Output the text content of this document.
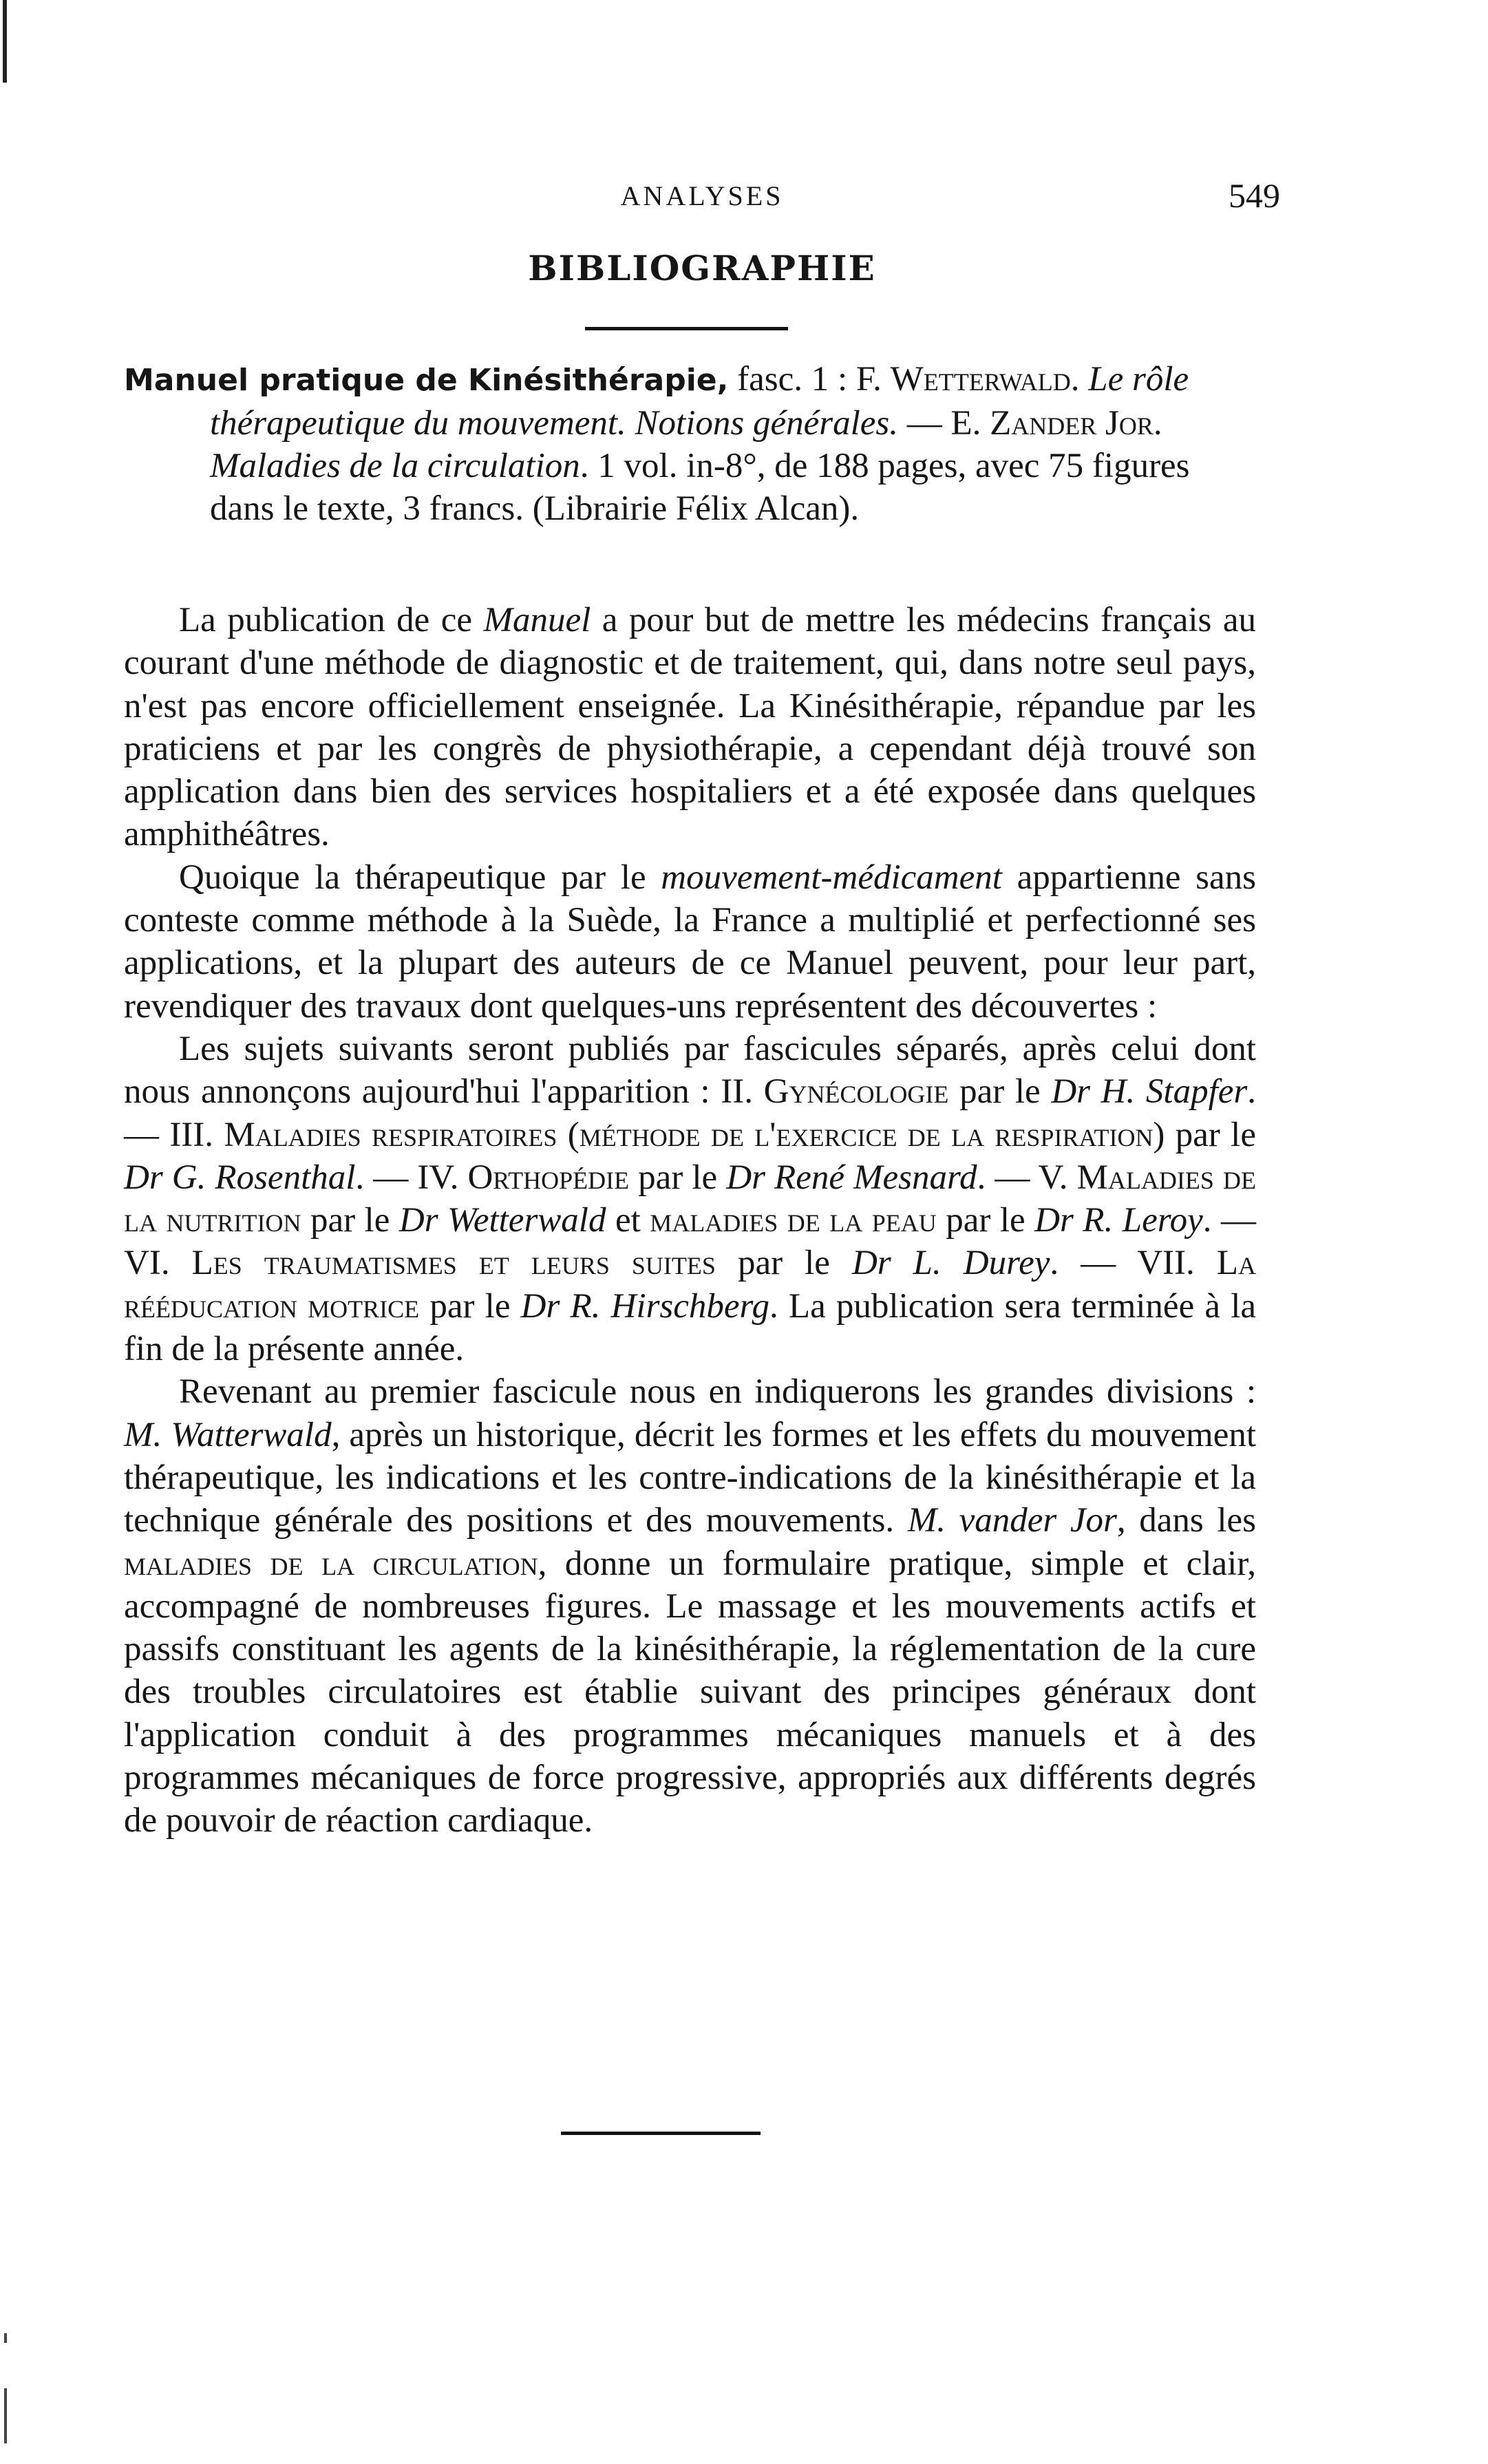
ANALYSES	549
BIBLIOGRAPHIE
Manuel pratique de Kinésithérapie, fasc. 1 : F. Wetterwald. Le rôle thérapeutique du mouvement. Notions générales. — E. Zander Jor. Maladies de la circulation. 1 vol. in-8°, de 188 pages, avec 75 figures dans le texte, 3 francs. (Librairie Félix Alcan).

La publication de ce Manuel a pour but de mettre les médecins français au courant d'une méthode de diagnostic et de traitement, qui, dans notre seul pays, n'est pas encore officiellement enseignée. La Kinésithérapie, répandue par les praticiens et par les congrès de physiothérapie, a cependant déjà trouvé son application dans bien des services hospitaliers et a été exposée dans quelques amphithéâtres.

Quoique la thérapeutique par le mouvement-médicament appartienne sans conteste comme méthode à la Suède, la France a multiplié et perfectionné ses applications, et la plupart des auteurs de ce Manuel peuvent, pour leur part, revendiquer des travaux dont quelques-uns représentent des découvertes :

Les sujets suivants seront publiés par fascicules séparés, après celui dont nous annonçons aujourd'hui l'apparition : II. Gynécologie par le Dr H. Stapfer. — III. Maladies respiratoires (méthode de l'exercice de la respiration) par le Dr G. Rosenthal. — IV. Orthopédie par le Dr René Mesnard. — V. Maladies de la nutrition par le Dr Wetterwald et maladies de la peau par le Dr R. Leroy. — VI. Les traumatismes et leurs suites par le Dr L. Durey. — VII. La rééducation motrice par le Dr R. Hirschberg. La publication sera terminée à la fin de la présente année.

Revenant au premier fascicule nous en indiquerons les grandes divisions : M. Watterwald, après un historique, décrit les formes et les effets du mouvement thérapeutique, les indications et les contre-indications de la kinésithérapie et la technique générale des positions et des mouvements. M. vander Jor, dans les maladies de la circulation, donne un formulaire pratique, simple et clair, accompagné de nombreuses figures. Le massage et les mouvements actifs et passifs constituant les agents de la kinésithérapie, la réglementation de la cure des troubles circulatoires est établie suivant des principes généraux dont l'application conduit à des programmes mécaniques manuels et à des programmes mécaniques de force progressive, appropriés aux différents degrés de pouvoir de réaction cardiaque.
